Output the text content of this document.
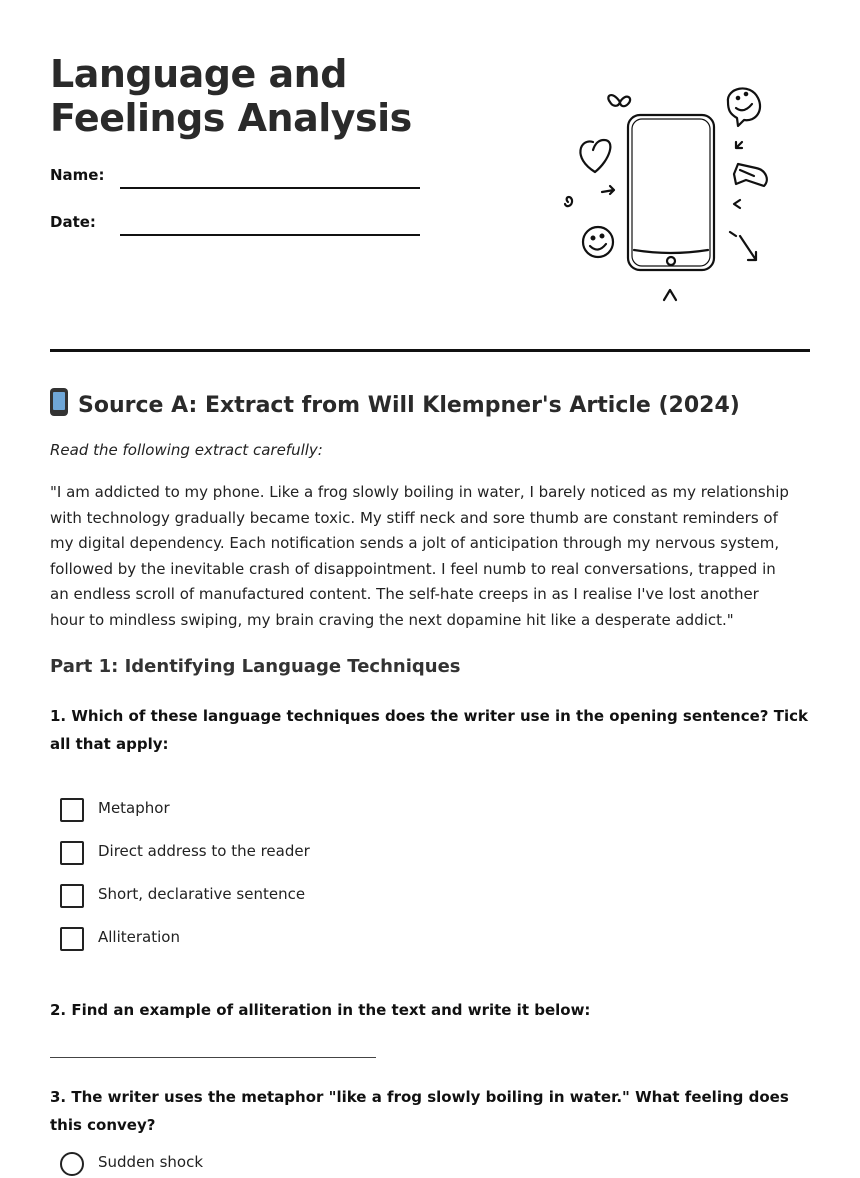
Language and Feelings Analysis
Name:
Date:
Source A: Extract from Will Klempner's Article (2024)
Read the following extract carefully:

"I am addicted to my phone. Like a frog slowly boiling in water, I barely noticed as my relationship with technology gradually became toxic. My stiff neck and sore thumb are constant reminders of my digital dependency. Each notification sends a jolt of anticipation through my nervous system, followed by the inevitable crash of disappointment. I feel numb to real conversations, trapped in an endless scroll of manufactured content. The self-hate creeps in as I realise I've lost another hour to mindless swiping, my brain craving the next dopamine hit like a desperate addict."

Part 1: Identifying Language Techniques

1. Which of these language techniques does the writer use in the opening sentence? Tick all that apply:

Metaphor
Direct address to the reader
Short, declarative sentence
Alliteration

2. Find an example of alliteration in the text and write it below:

3. The writer uses the metaphor "like a frog slowly boiling in water." What feeling does this convey?

Sudden shock
